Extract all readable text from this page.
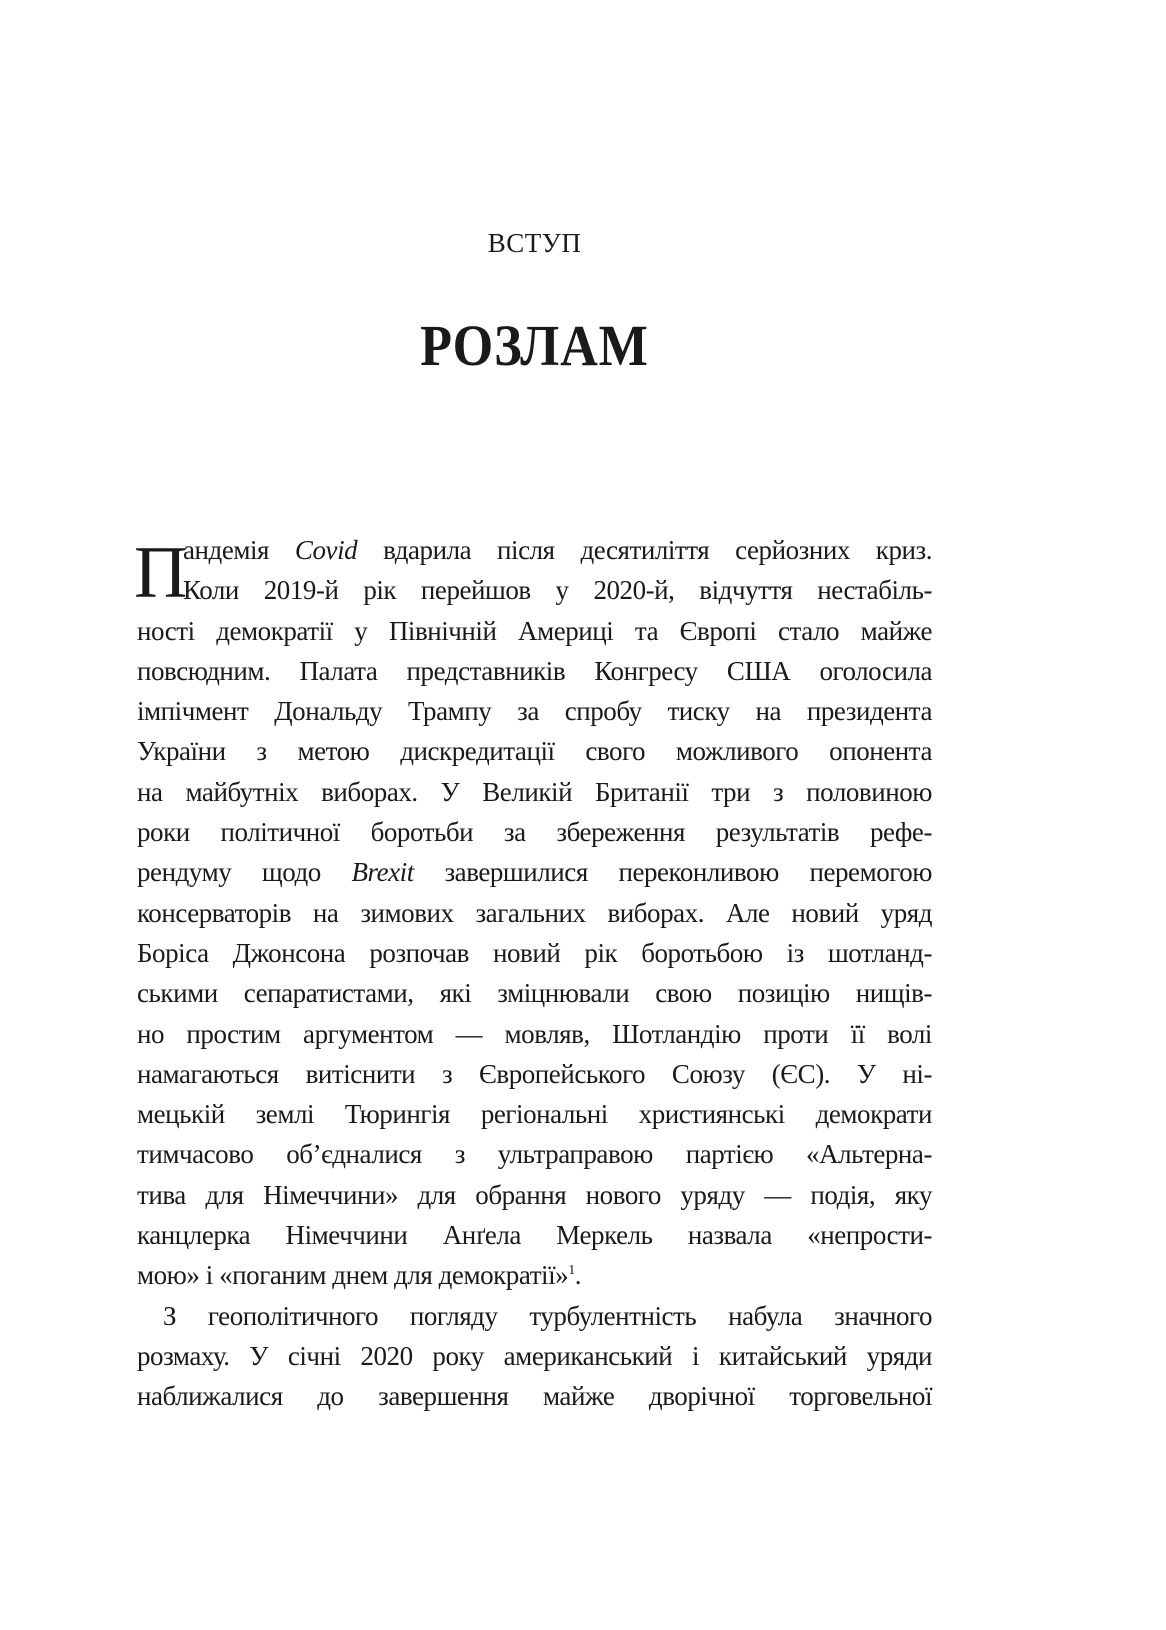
ВСТУП
РОЗЛАМ
П
андемія Covid вдарила після десятиліття серйозних криз.
Коли 2019-й рік перейшов у 2020-й, відчуття нестабіль-
ності демократії у Північній Америці та Європі стало майже
повсюдним. Палата представників Конгресу США оголосила
імпічмент Дональду Трампу за спробу тиску на президента
України з метою дискредитації свого можливого опонента
на майбутніх виборах. У Великій Британії три з половиною
роки політичної боротьби за збереження результатів рефе-
рендуму щодо Brexit завершилися переконливою перемогою
консерваторів на зимових загальних виборах. Але новий уряд
Боріса Джонсона розпочав новий рік боротьбою із шотланд-
ськими сепаратистами, які зміцнювали свою позицію нищів-
но простим аргументом — мовляв, Шотландію проти її волі
намагаються витіснити з Європейського Союзу (ЄС). У ні-
мецькій землі Тюрингія регіональні християнські демократи
тимчасово об’єдналися з ультраправою партією «Альтерна-
тива для Німеччини» для обрання нового уряду — подія, яку
канцлерка Німеччини Анґела Меркель назвала «непрости-
мою» і «поганим днем для демократії»$^1$.
З геополітичного погляду турбулентність набула значного
розмаху. У січні 2020 року американський і китайський уряди
наближалися до завершення майже дворічної торговельної
